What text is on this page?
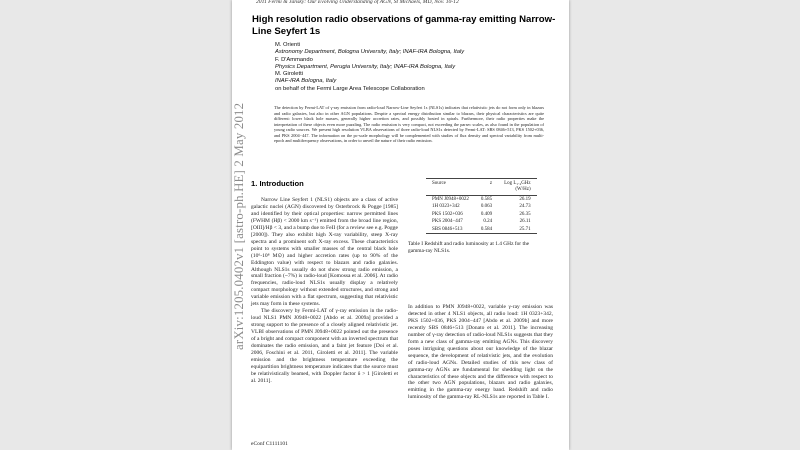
2011 Fermi & Jansky: Our Evolving Understanding of AGN, St Michaels, MD, Nov. 10-12
arXiv:1205.0402v1 [astro-ph.HE] 2 May 2012
High resolution radio observations of gamma-ray emitting Narrow-Line Seyfert 1s
M. Orienti
Astronomy Department, Bologna University, Italy; INAF-IRA Bologna, Italy
F. D'Ammando
Physics Department, Perugia University, Italy; INAF-IRA Bologna, Italy
M. Giroletti
INAF-IRA Bologna, Italy
on behalf of the Fermi Large Area Telescope Collaboration
The detection by Fermi-LAT of γ-ray emission from radio-loud Narrow-Line Seyfert 1s (NLS1s) indicates that relativistic jets do not form only in blazars and radio galaxies, but also in other AGN populations. Despite a spectral energy distribution similar to blazars, their physical characteristics are quite different: lower black hole masses, generally higher accretion rates, and possibly hosted in spirals. Furthermore, their radio properties make the interpretation of these objects even more puzzling. The radio emission is very compact, not exceeding the parsec scales, as also found in the population of young radio sources. We present high resolution VLBA observations of three radio-loud NLS1s detected by Fermi-LAT: SBS 0846+513, PKS 1502+036, and PKS 2004−447. The information on the pc-scale morphology will be complemented with studies of flux density and spectral variability from multi-epoch and multifrequency observations, in order to unveil the nature of their radio emission.
1. Introduction

Narrow Line Seyfert 1 (NLS1) objects are a class of active galactic nuclei (AGN) discovered by Osterbrock & Pogge [1985] and identified by their optical properties: narrow permitted lines (FWHM (Hβ) < 2000 km s⁻¹) emitted from the broad line region, [OIII]/Hβ < 3, and a bump due to FeII (for a review see e.g. Pogge [2000]). They also exhibit high X-ray variability, steep X-ray spectra and a prominent soft X-ray excess. These characteristics point to systems with smaller masses of the central black hole (10⁶-10⁸ M⊙) and higher accretion rates (up to 90% of the Eddington value) with respect to blazars and radio galaxies. Although NLS1s usually do not show strong radio emission, a small fraction (~7%) is radio-loud [Komossa et al. 2006]. At radio frequencies, radio-loud NLS1s usually display a relatively compact morphology without extended structures, and strong and variable emission with a flat spectrum, suggesting that relativistic jets may form in these systems.

The discovery by Fermi-LAT of γ-ray emission in the radio-loud NLS1 PMN J0948+0022 [Abdo et al. 2009a] provided a strong support to the presence of a closely aligned relativistic jet. VLBI observations of PMN J0948+0022 pointed out the presence of a bright and compact component with an inverted spectrum that dominates the radio emission, and a faint jet feature [Doi et al. 2006, Foschini et al. 2011, Giroletti et al. 2011]. The variable emission and the brightness temperature exceeding the equipartition brightness temperature indicates that the source must be relativistically beamed, with Doppler factor δ > 1 [Giroletti et al. 2011].

Source	z	Log L₁.₄GHz
		(W/Hz)
PMN J0948+0022	0.585	26.19
1H 0323+342	0.063	24.73
PKS 1502+036	0.409	26.35
PKS 2004−447	0.24	26.11
SBS 0846+513	0.584	25.71
Table I Redshift and radio luminosity at 1.4 GHz for the gamma-ray NLS1s.

In addition to PMN J0948+0022, variable γ-ray emission was detected in other 4 NLS1 objects, all radio loud: 1H 0323+342, PKS 1502+036, PKS 2004−447 [Abdo et al. 2009b] and more recently SBS 0846+513 [Donato et al. 2011]. The increasing number of γ-ray detection of radio-loud NLS1s suggests that they form a new class of gamma-ray emitting AGNs. This discovery poses intriguing questions about our knowledge of the blazar sequence, the development of relativistic jets, and the evolution of radio-loud AGNs. Detailed studies of this new class of gamma-ray AGNs are fundamental for shedding light on the characteristics of these objects and the difference with respect to the other two AGN populations, blazars and radio galaxies, emitting in the gamma-ray energy band. Redshift and radio luminosity of the gamma-ray RL-NLS1s are reported in Table I.

eConf C1111101
